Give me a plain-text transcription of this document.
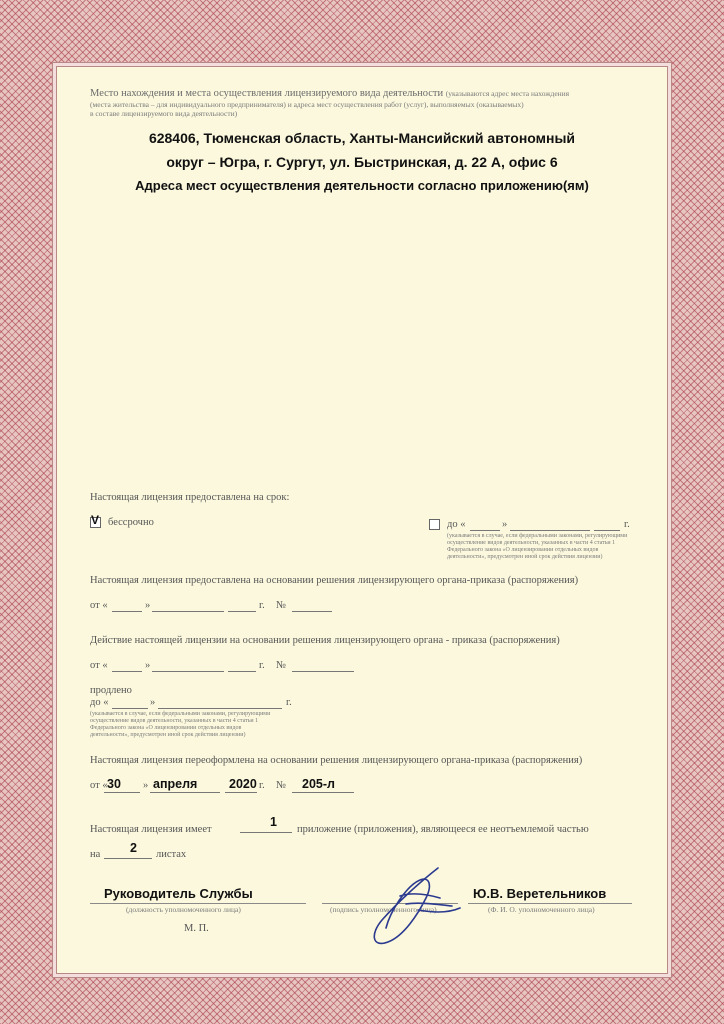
Место нахождения и места осуществления лицензируемого вида деятельности (указываются адрес места нахождения
(места жительства – для индивидуального предпринимателя) и адреса мест осуществления работ (услуг), выполняемых (оказываемых)
в составе лицензируемого вида деятельности)
628406, Тюменская область, Ханты-Мансийский автономный
округ – Югра, г. Сургут, ул. Быстринская, д. 22 А, офис 6
Адреса мест осуществления деятельности согласно приложению(ям)
Настоящая лицензия предоставлена на срок:
V бессрочно	до «	»	г.
(указывается в случае, если федеральными законами, регулирующими
осуществление видов деятельности, указанных в части 4 статьи 1
Федерального закона «О лицензировании отдельных видов
деятельности», предусмотрен иной срок действия лицензии)
Настоящая лицензия предоставлена на основании решения лицензирующего органа-приказа (распоряжения)
от «	»	г. №
Действие настоящей лицензии на основании решения лицензирующего органа - приказа (распоряжения)
от «	»	г. №
продлено
до «	»	г.
(указывается в случае, если федеральными законами, регулирующими
осуществление видов деятельности, указанных в части 4 статьи 1
Федерального закона «О лицензировании отдельных видов
деятельности», предусмотрен иной срок действия лицензии)
Настоящая лицензия переоформлена на основании решения лицензирующего органа-приказа (распоряжения)
от « 30 » апреля	2020 г. № 205-л
Настоящая лицензия имеет
1
приложение (приложения), являющееся ее неотъемлемой частью
на 2 листах
Руководитель Службы
(должность уполномоченного лица)	(подпись уполномоченного лица)
Ю.В. Веретельников
(Ф. И. О. уполномоченного лица)
М. П.
